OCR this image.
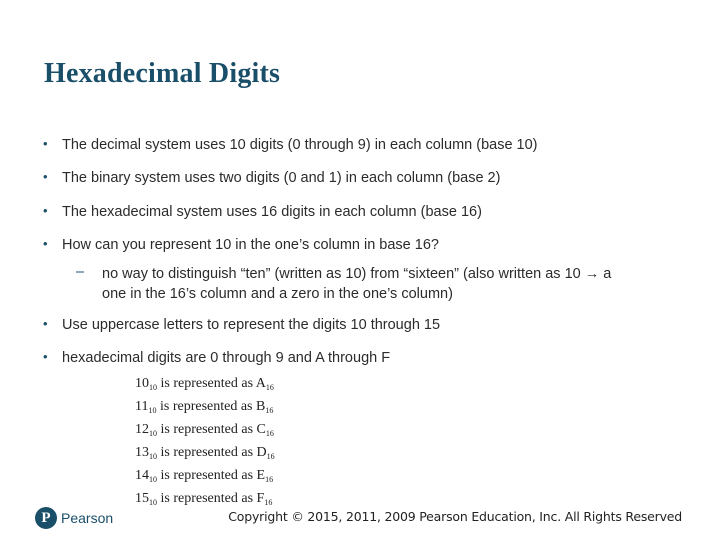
Hexadecimal Digits
• The decimal system uses 10 digits (0 through 9) in each column (base 10)
• The binary system uses two digits (0 and 1) in each column (base 2)
• The hexadecimal system uses 16 digits in each column (base 16)
• How can you represent 10 in the one’s column in base 16?
• Use uppercase letters to represent the digits 10 through 15
• hexadecimal digits are 0 through 9 and A through F
– no way to distinguish “ten” (written as 10) from “sixteen” (also written as 10 → a
one in the 16’s column and a zero in the one’s column)
$10_{10}$ is represented as $A_{16}$
$11_{10}$ is represented as $B_{16}$
$12_{10}$ is represented as $C_{16}$
$13_{10}$ is represented as $D_{16}$
$14_{10}$ is represented as $E_{16}$
$15_{10}$ is represented as $F_{16}$
P Pearson	Copyright © 2015, 2011, 2009 Pearson Education, Inc. All Rights Reserved
